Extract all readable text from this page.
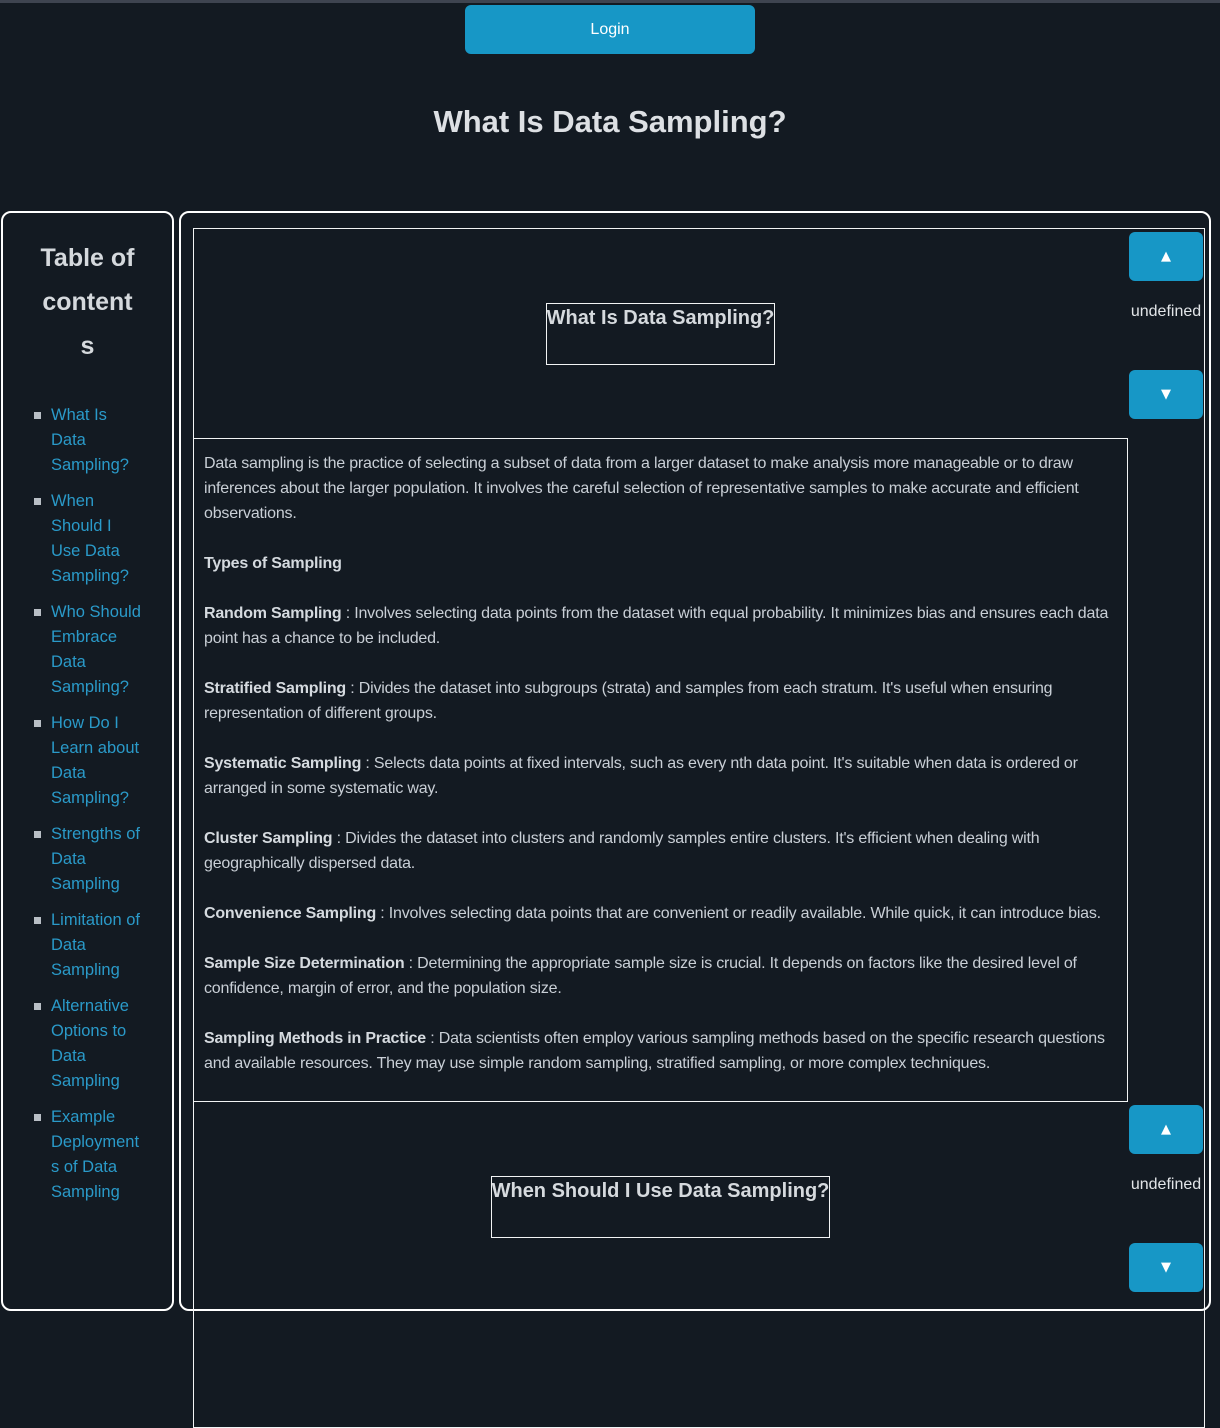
Login
What Is Data Sampling?
Table of contents
What Is Data Sampling?
When Should I Use Data Sampling?
Who Should Embrace Data Sampling?
How Do I Learn about Data Sampling?
Strengths of Data Sampling
Limitation of Data Sampling
Alternative Options to Data Sampling
Example Deployments of Data Sampling
What Is Data Sampling?

Data sampling is the practice of selecting a subset of data from a larger dataset to make analysis more manageable or to draw inferences about the larger population. It involves the careful selection of representative samples to make accurate and efficient observations.

Types of Sampling

Random Sampling : Involves selecting data points from the dataset with equal probability. It minimizes bias and ensures each data point has a chance to be included.

Stratified Sampling : Divides the dataset into subgroups (strata) and samples from each stratum. It's useful when ensuring representation of different groups.

Systematic Sampling : Selects data points at fixed intervals, such as every nth data point. It's suitable when data is ordered or arranged in some systematic way.

Cluster Sampling : Divides the dataset into clusters and randomly samples entire clusters. It's efficient when dealing with geographically dispersed data.

Convenience Sampling : Involves selecting data points that are convenient or readily available. While quick, it can introduce bias.

Sample Size Determination : Determining the appropriate sample size is crucial. It depends on factors like the desired level of confidence, margin of error, and the population size.

Sampling Methods in Practice : Data scientists often employ various sampling methods based on the specific research questions and available resources. They may use simple random sampling, stratified sampling, or more complex techniques.

▲
undefined
▼
When Should I Use Data Sampling?
▲
undefined
▼
